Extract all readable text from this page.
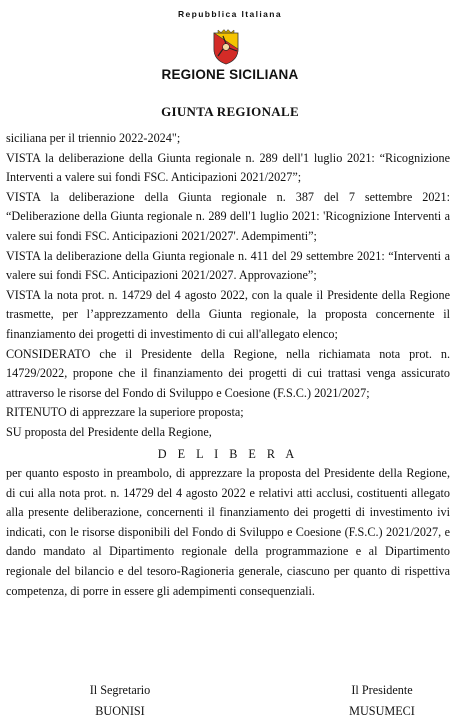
Repubblica Italiana
REGIONE SICILIANA
GIUNTA REGIONALE

siciliana per il triennio 2022-2024";

VISTA la deliberazione della Giunta regionale n. 289 dell'1 luglio 2021: “Ricognizione Interventi a valere sui fondi FSC. Anticipazioni 2021/2027”;

VISTA la deliberazione della Giunta regionale n. 387 del 7 settembre 2021: “Deliberazione della Giunta regionale n. 289 dell'1 luglio 2021: 'Ricognizione Interventi a valere sui fondi FSC. Anticipazioni 2021/2027'. Adempimenti”;

VISTA la deliberazione della Giunta regionale n. 411 del 29 settembre 2021: “Interventi a valere sui fondi FSC. Anticipazioni 2021/2027. Approvazione”;

VISTA la nota prot. n. 14729 del 4 agosto 2022, con la quale il Presidente della Regione trasmette, per l’apprezzamento della Giunta regionale, la proposta concernente il finanziamento dei progetti di investimento di cui all'allegato elenco;

CONSIDERATO che il Presidente della Regione, nella richiamata nota prot. n. 14729/2022, propone che il finanziamento dei progetti di cui trattasi venga assicurato attraverso le risorse del Fondo di Sviluppo e Coesione (F.S.C.) 2021/2027;

RITENUTO di apprezzare la superiore proposta;

SU proposta del Presidente della Regione,

D E L I B E R A

per quanto esposto in preambolo, di apprezzare la proposta del Presidente della Regione, di cui alla nota prot. n. 14729 del 4 agosto 2022 e relativi atti acclusi, costituenti allegato alla presente deliberazione, concernenti il finanziamento dei progetti di investimento ivi indicati, con le risorse disponibili del Fondo di Sviluppo e Coesione (F.S.C.) 2021/2027, e dando mandato al Dipartimento regionale della programmazione e al Dipartimento regionale del bilancio e del tesoro-Ragioneria generale, ciascuno per quanto di rispettiva competenza, di porre in essere gli adempimenti consequenziali.

Il Segretario
BUONISI
Il Presidente
MUSUMECI
